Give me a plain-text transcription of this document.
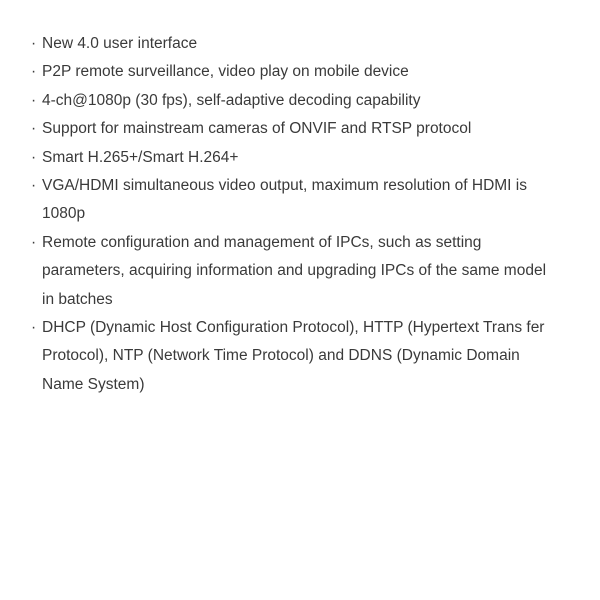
· New 4.0 user interface
· P2P remote surveillance, video play on mobile device
· 4-ch@1080p (30 fps), self-adaptive decoding capability
· Support for mainstream cameras of ONVIF and RTSP protocol
· Smart H.265+/Smart H.264+
· VGA/HDMI simultaneous video output, maximum resolution of HDMI is 1080p
· Remote configuration and management of IPCs, such as setting parameters, acquiring information and upgrading IPCs of the same model in batches
· DHCP (Dynamic Host Configuration Protocol), HTTP (Hypertext Trans fer Protocol), NTP (Network Time Protocol) and DDNS (Dynamic Domain Name System)
